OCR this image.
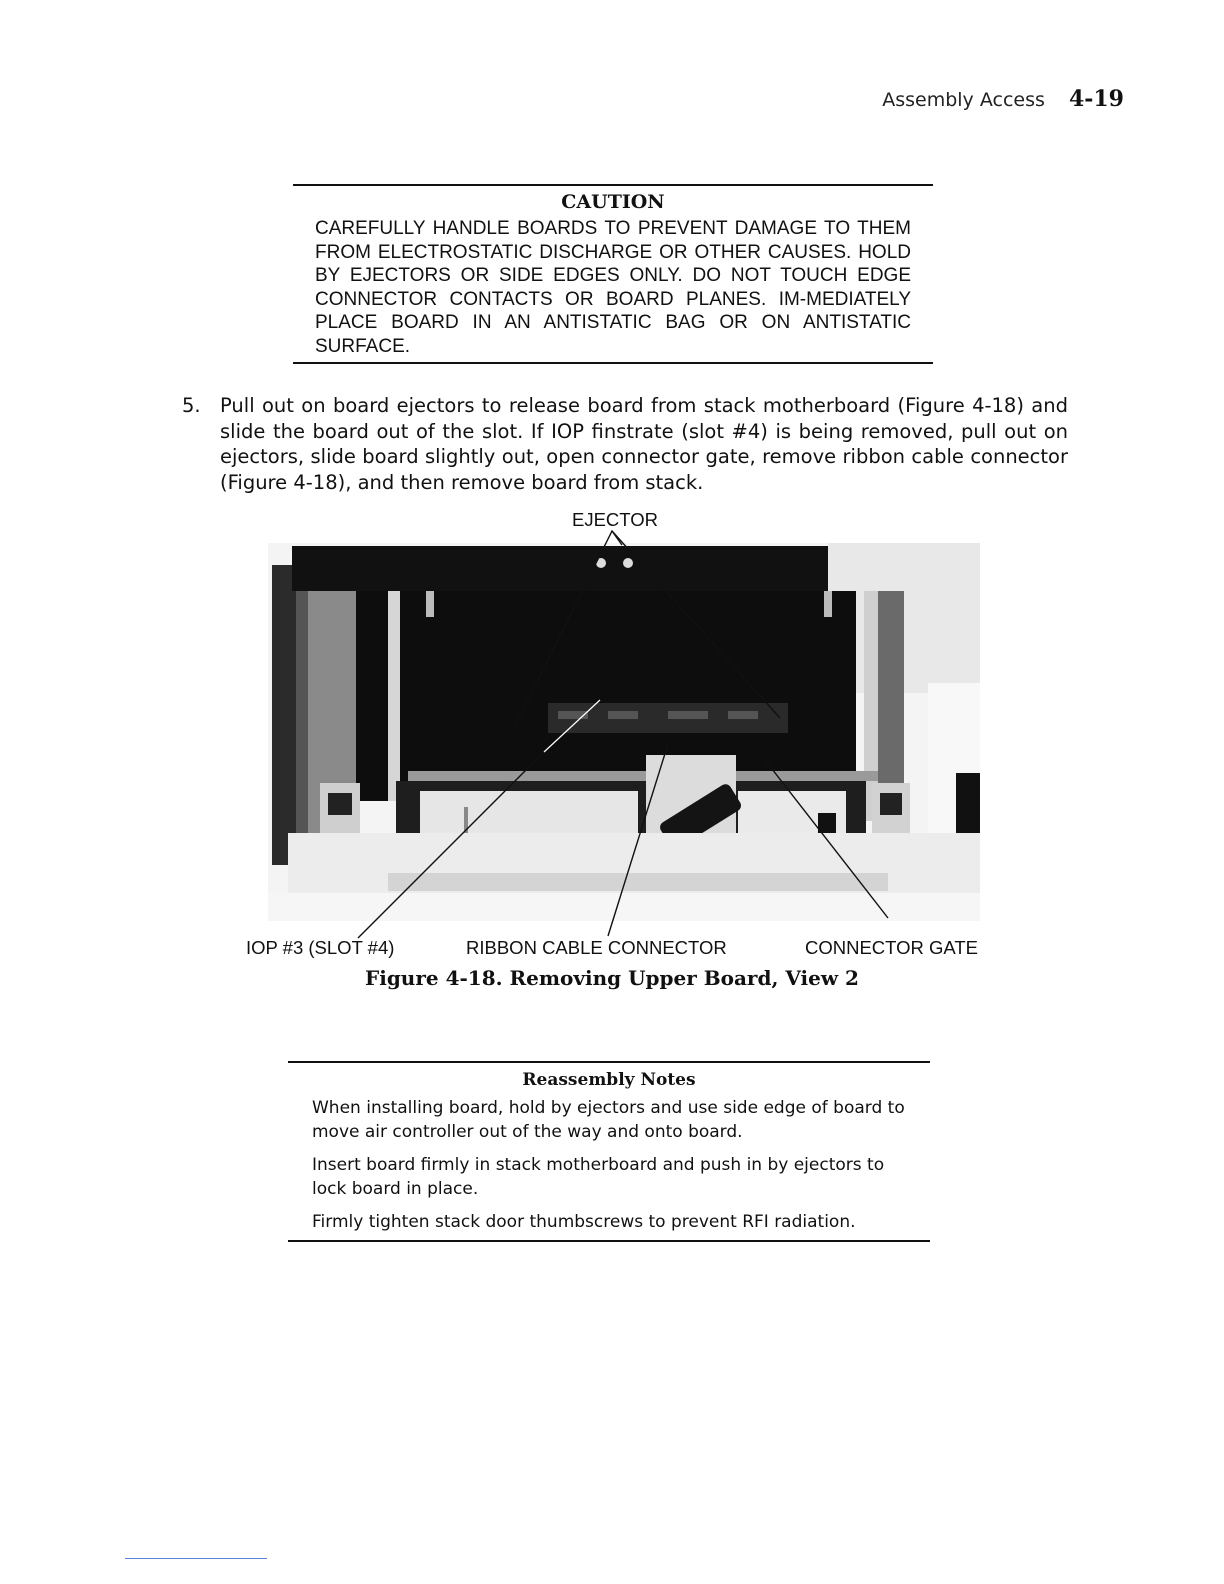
Assembly Access 4-19
CAUTION

CAREFULLY HANDLE BOARDS TO PREVENT DAMAGE TO THEM FROM ELECTROSTATIC DISCHARGE OR OTHER CAUSES. HOLD BY EJECTORS OR SIDE EDGES ONLY. DO NOT TOUCH EDGE CONNECTOR CONTACTS OR BOARD PLANES. IM-MEDIATELY PLACE BOARD IN AN ANTISTATIC BAG OR ON ANTISTATIC SURFACE.

5. Pull out on board ejectors to release board from stack motherboard (Figure 4-18) and slide the board out of the slot. If IOP finstrate (slot #4) is being removed, pull out on ejectors, slide board slightly out, open connector gate, remove ribbon cable connector (Figure 4-18), and then remove board from stack.
EJECTOR
IOP #3 (SLOT #4)	RIBBON CABLE CONNECTOR	CONNECTOR GATE
Figure 4-18. Removing Upper Board, View 2
Reassembly Notes

When installing board, hold by ejectors and use side edge of board to move air controller out of the way and onto board.

Insert board firmly in stack motherboard and push in by ejectors to lock board in place.

Firmly tighten stack door thumbscrews to prevent RFI radiation.
